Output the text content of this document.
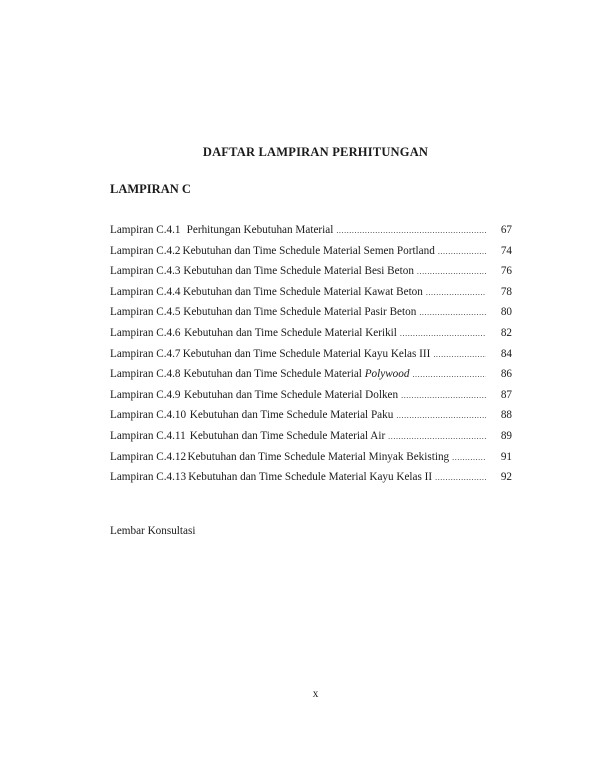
DAFTAR LAMPIRAN PERHITUNGAN
LAMPIRAN C
Lampiran C.4.1 Perhitungan Kebutuhan Material .....	67
Lampiran C.4.2 Kebutuhan dan Time Schedule Material Semen Portland .....	74
Lampiran C.4.3 Kebutuhan dan Time Schedule Material Besi Beton .....	76
Lampiran C.4.4 Kebutuhan dan Time Schedule Material Kawat Beton .....	78
Lampiran C.4.5 Kebutuhan dan Time Schedule Material Pasir Beton .....	80
Lampiran C.4.6 Kebutuhan dan Time Schedule Material Kerikil .....	82
Lampiran C.4.7 Kebutuhan dan Time Schedule Material Kayu Kelas III .....	84
Lampiran C.4.8 Kebutuhan dan Time Schedule Material Polywood .....	86
Lampiran C.4.9 Kebutuhan dan Time Schedule Material Dolken .....	87
Lampiran C.4.10 Kebutuhan dan Time Schedule Material Paku .....	88
Lampiran C.4.11 Kebutuhan dan Time Schedule Material Air .....	89
Lampiran C.4.12 Kebutuhan dan Time Schedule Material Minyak Bekisting .....	91
Lampiran C.4.13 Kebutuhan dan Time Schedule Material Kayu Kelas II .....	92
Lembar Konsultasi
x
